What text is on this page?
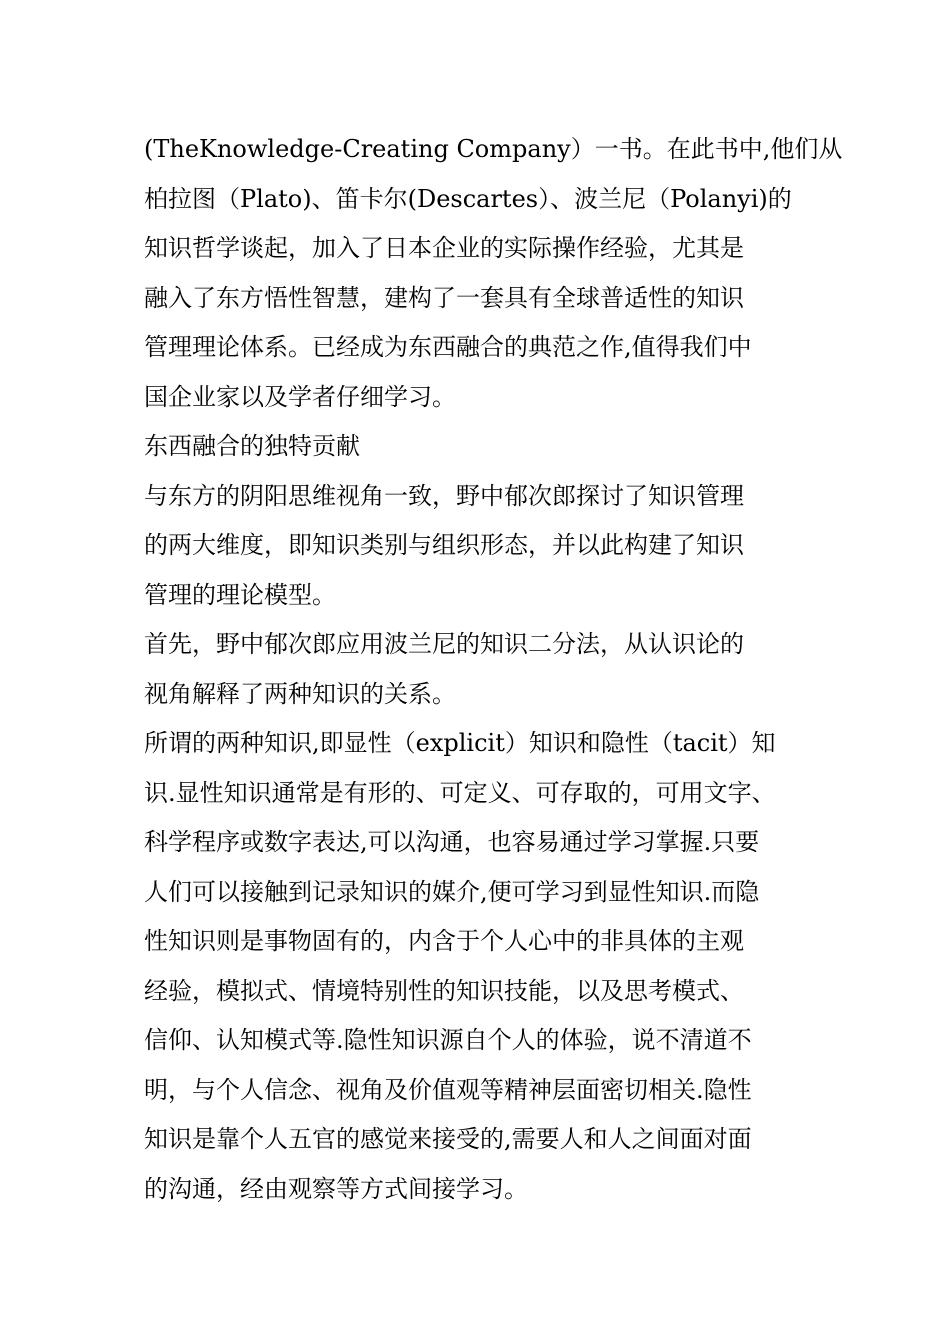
(TheKnowledge-Creating Company）一书。在此书中,他们从
柏拉图（Plato)、笛卡尔(Descartes）、波兰尼（Polanyi)的
知识哲学谈起，加入了日本企业的实际操作经验，尤其是
融入了东方悟性智慧，建构了一套具有全球普适性的知识
管理理论体系。已经成为东西融合的典范之作,值得我们中
国企业家以及学者仔细学习。
东西融合的独特贡献
与东方的阴阳思维视角一致，野中郁次郎探讨了知识管理
的两大维度，即知识类别与组织形态，并以此构建了知识
管理的理论模型。
首先，野中郁次郎应用波兰尼的知识二分法，从认识论的
视角解释了两种知识的关系。
所谓的两种知识,即显性（explicit）知识和隐性（tacit）知
识.显性知识通常是有形的、可定义、可存取的，可用文字、
科学程序或数字表达,可以沟通，也容易通过学习掌握.只要
人们可以接触到记录知识的媒介,便可学习到显性知识.而隐
性知识则是事物固有的，内含于个人心中的非具体的主观
经验，模拟式、情境特别性的知识技能，以及思考模式、
信仰、认知模式等.隐性知识源自个人的体验，说不清道不
明，与个人信念、视角及价值观等精神层面密切相关.隐性
知识是靠个人五官的感觉来接受的,需要人和人之间面对面
的沟通，经由观察等方式间接学习。
